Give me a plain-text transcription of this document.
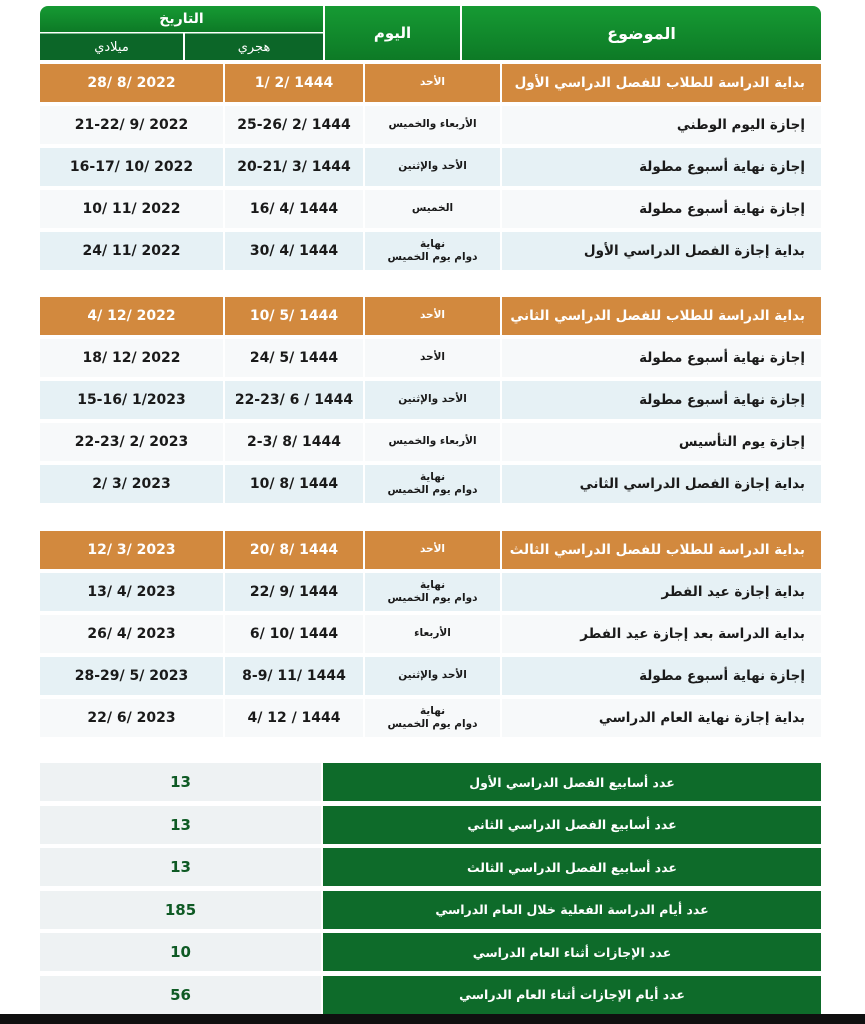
الموضوع
اليوم
التاريخ
هجري
ميلادي
بداية الدراسة للطلاب للفصل الدراسي الأول
الأحد
1/ 2/ 1444
28/ 8/ 2022
إجازة اليوم الوطني
الأربعاء والخميس
25-26/ 2/ 1444
21-22/ 9/ 2022
إجازة نهاية أسبوع مطولة
الأحد والإثنين
20-21/ 3/ 1444
16-17/ 10/ 2022
إجازة نهاية أسبوع مطولة
الخميس
16/ 4/ 1444
10/ 11/ 2022
بداية إجازة الفصل الدراسي الأول
نهاية
دوام يوم الخميس
30/ 4/ 1444
24/ 11/ 2022
بداية الدراسة للطلاب للفصل الدراسي الثاني
الأحد
10/ 5/ 1444
4/ 12/ 2022
إجازة نهاية أسبوع مطولة
الأحد
24/ 5/ 1444
18/ 12/ 2022
إجازة نهاية أسبوع مطولة
الأحد والإثنين
22-23/ 6 / 1444
15-16/ 1/2023
إجازة يوم التأسيس
الأربعاء والخميس
2-3/ 8/ 1444
22-23/ 2/ 2023
بداية إجازة الفصل الدراسي الثاني
نهاية
دوام يوم الخميس
10/ 8/ 1444
2/ 3/ 2023
بداية الدراسة للطلاب للفصل الدراسي الثالث
الأحد
20/ 8/ 1444
12/ 3/ 2023
بداية إجازة عيد الفطر
نهاية
دوام يوم الخميس
22/ 9/ 1444
13/ 4/ 2023
بداية الدراسة بعد إجازة عيد الفطر
الأربعاء
6/ 10/ 1444
26/ 4/ 2023
إجازة نهاية أسبوع مطولة
الأحد والإثنين
8-9/ 11/ 1444
28-29/ 5/ 2023
بداية إجازة نهاية العام الدراسي
نهاية
دوام يوم الخميس
4/ 12 / 1444
22/ 6/ 2023
عدد أسابيع الفصل الدراسي الأول
13
عدد أسابيع الفصل الدراسي الثاني
13
عدد أسابيع الفصل الدراسي الثالث
13
عدد أيام الدراسة الفعلية خلال العام الدراسي
185
عدد الإجازات أثناء العام الدراسي
10
عدد أيام الإجازات أثناء العام الدراسي
56
